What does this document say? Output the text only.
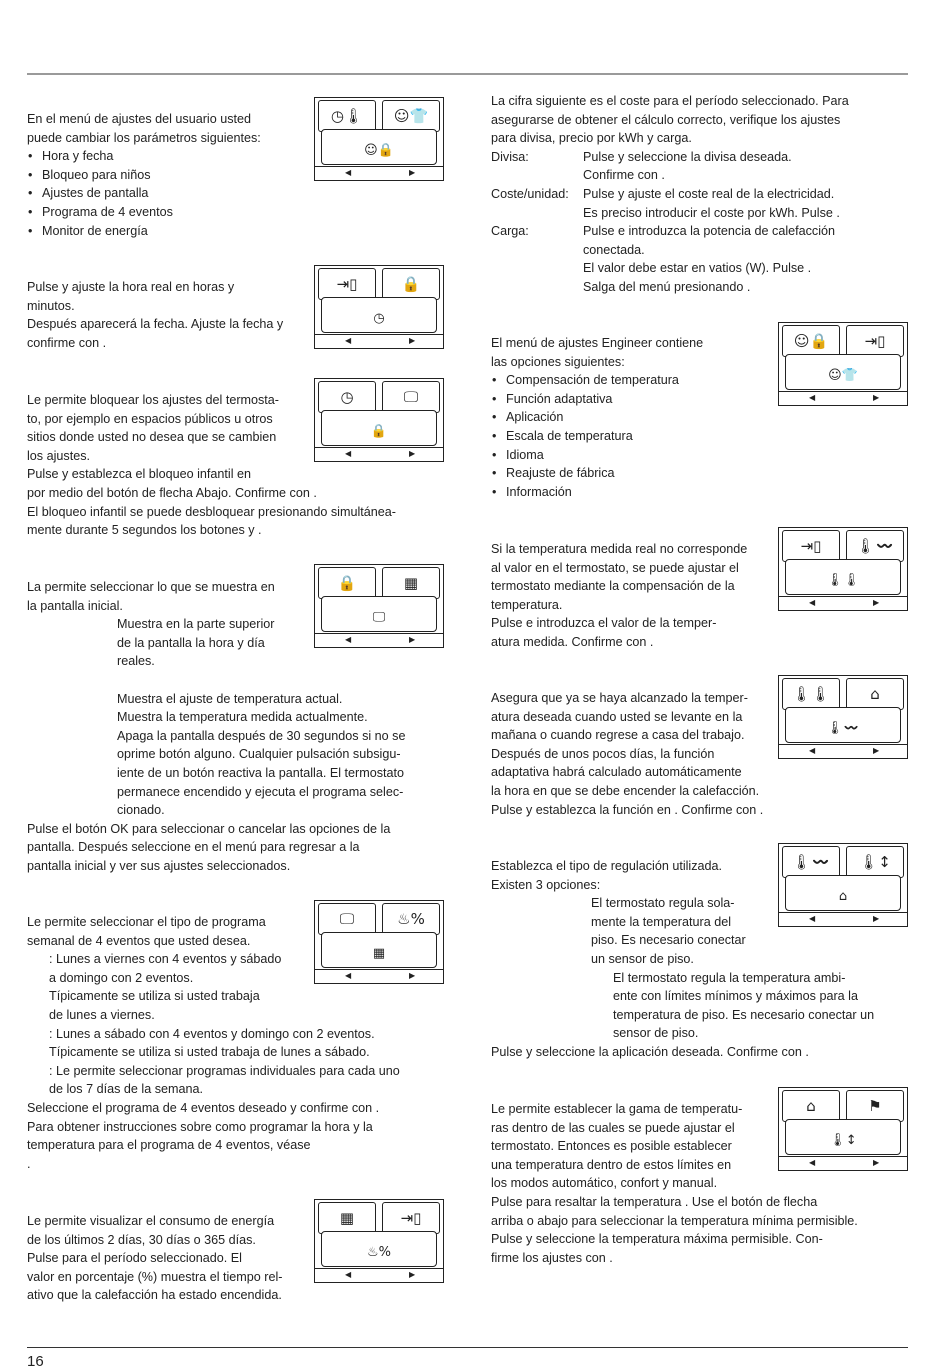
En el menú de ajustes del usuario usted

puede cambiar los parámetros siguientes:

• Hora y fecha
• Bloqueo para niños
• Ajustes de pantalla
• Programa de 4 eventos
• Monitor de energía

Pulse y ajuste la hora real en horas y

minutos.

Después aparecerá la fecha. Ajuste la fecha y

confirme con .

Le permite bloquear los ajustes del termosta-

to, por ejemplo en espacios públicos u otros

sitios donde usted no desea que se cambien

los ajustes.

Pulse y establezca el bloqueo infantil en

por medio del botón de flecha Abajo. Confirme con .

El bloqueo infantil se puede desbloquear presionando simultánea-

mente durante 5 segundos los botones y .

La permite seleccionar lo que se muestra en

la pantalla inicial.

Muestra en la parte superior

de la pantalla la hora y día

reales.

Muestra el ajuste de temperatura actual.

Muestra la temperatura medida actualmente.

Apaga la pantalla después de 30 segundos si no se

oprime botón alguno. Cualquier pulsación subsigu-

iente de un botón reactiva la pantalla. El termostato

permanece encendido y ejecuta el programa selec-

cionado.

Pulse el botón OK para seleccionar o cancelar las opciones de la

pantalla. Después seleccione en el menú para regresar a la

pantalla inicial y ver sus ajustes seleccionados.

Le permite seleccionar el tipo de programa

semanal de 4 eventos que usted desea.

: Lunes a viernes con 4 eventos y sábado

a domingo con 2 eventos.

Típicamente se utiliza si usted trabaja

de lunes a viernes.

: Lunes a sábado con 4 eventos y domingo con 2 eventos.

Típicamente se utiliza si usted trabaja de lunes a sábado.

: Le permite seleccionar programas individuales para cada uno

de los 7 días de la semana.

Seleccione el programa de 4 eventos deseado y confirme con .

Para obtener instrucciones sobre como programar la hora y la

temperatura para el programa de 4 eventos, véase

.

Le permite visualizar el consumo de energía

de los últimos 2 días, 30 días o 365 días.

Pulse para el período seleccionado. El

valor en porcentaje (%) muestra el tiempo rel-

ativo que la calefacción ha estado encendida.

La cifra siguiente es el coste para el período seleccionado. Para

asegurarse de obtener el cálculo correcto, verifique los ajustes

para divisa, precio por kWh y carga.

Divisa:	Pulse y seleccione la divisa deseada.
Confirme con .
Coste/unidad:	Pulse y ajuste el coste real de la electricidad.
Es preciso introducir el coste por kWh. Pulse .
Carga:	Pulse e introduzca la potencia de calefacción
conectada.
El valor debe estar en vatios (W). Pulse .
Salga del menú presionando .

El menú de ajustes Engineer contiene

las opciones siguientes:

• Compensación de temperatura
• Función adaptativa
• Aplicación
• Escala de temperatura
• Idioma
• Reajuste de fábrica
• Información

Si la temperatura medida real no corresponde

al valor en el termostato, se puede ajustar el

termostato mediante la compensación de la

temperatura.

Pulse e introduzca el valor de la temper-

atura medida. Confirme con .

Asegura que ya se haya alcanzado la temper-

atura deseada cuando usted se levante en la

mañana o cuando regrese a casa del trabajo.

Después de unos pocos días, la función

adaptativa habrá calculado automáticamente

la hora en que se debe encender la calefacción.

Pulse y establezca la función en . Confirme con .

Establezca el tipo de regulación utilizada.

Existen 3 opciones:

El termostato regula sola-

mente la temperatura del

piso. Es necesario conectar

un sensor de piso.

El termostato regula la temperatura ambi-

ente con límites mínimos y máximos para la

temperatura de piso. Es necesario conectar un

sensor de piso.

Pulse y seleccione la aplicación deseada. Confirme con .

Le permite establecer la gama de temperatu-

ras dentro de las cuales se puede ajustar el

termostato. Entonces es posible establecer

una temperatura dentro de estos límites en

los modos automático, confort y manual.

Pulse para resaltar la temperatura . Use el botón de flecha

arriba o abajo para seleccionar la temperatura mínima permisible.

Pulse y seleccione la temperatura máxima permisible. Con-

firme los ajustes con .

◷🌡	☺👕
☺🔒
◀	▶
⇥▯	🔒
◷
◀	▶
◷	🖵
🔒
◀	▶
🔒	▦
🖵
◀	▶
🖵	♨%
▦
◀	▶
▦	⇥▯
♨%
◀	▶
☺🔒	⇥▯
☺👕
◀	▶
⇥▯	🌡〰
🌡🌡
◀	▶
🌡🌡	⌂
🌡〰
◀	▶
🌡〰	🌡↕
⌂
◀	▶
⌂	⚑
🌡↕
◀	▶
16
